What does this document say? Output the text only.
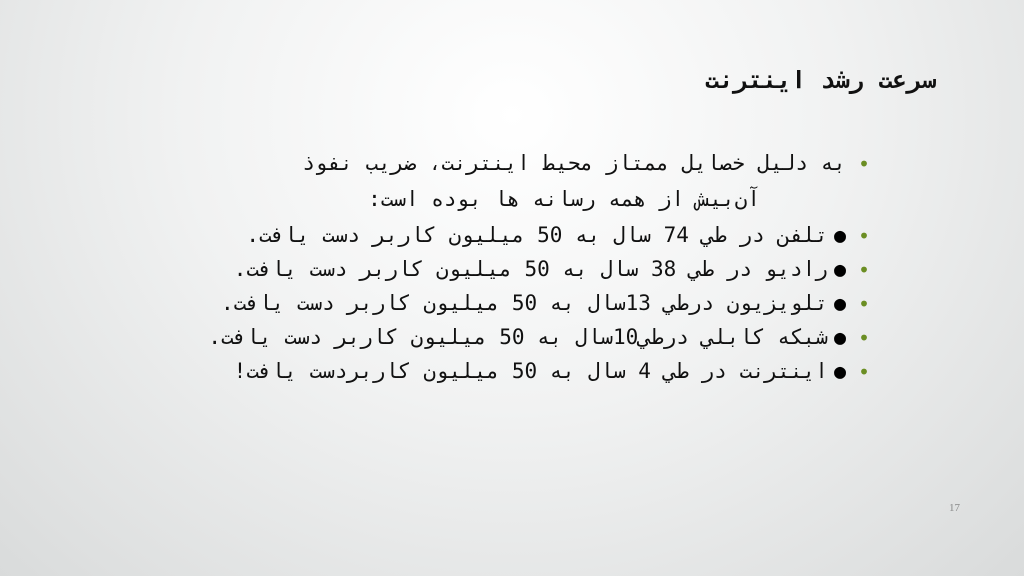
سرعت رشد اينترنت
•
به دليل خصايل ممتاز محيط اينترنت، ضريب نفوذ
آن‌بيش از همه رسانه ها بوده است:
•
●تلفن در طي 74 سال به 50 ميليون كاربر دست يافت.
•
●راديو در طي 38 سال به 50 ميليون كاربر دست يافت.
•
●تلويزيون درطي 13سال به 50 ميليون كاربر دست يافت.
•
●شبكه كابلي درطي10سال به 50 ميليون كاربر دست يافت.
•
●اينترنت در طي 4 سال به 50 ميليون كاربردست يافت!
17
